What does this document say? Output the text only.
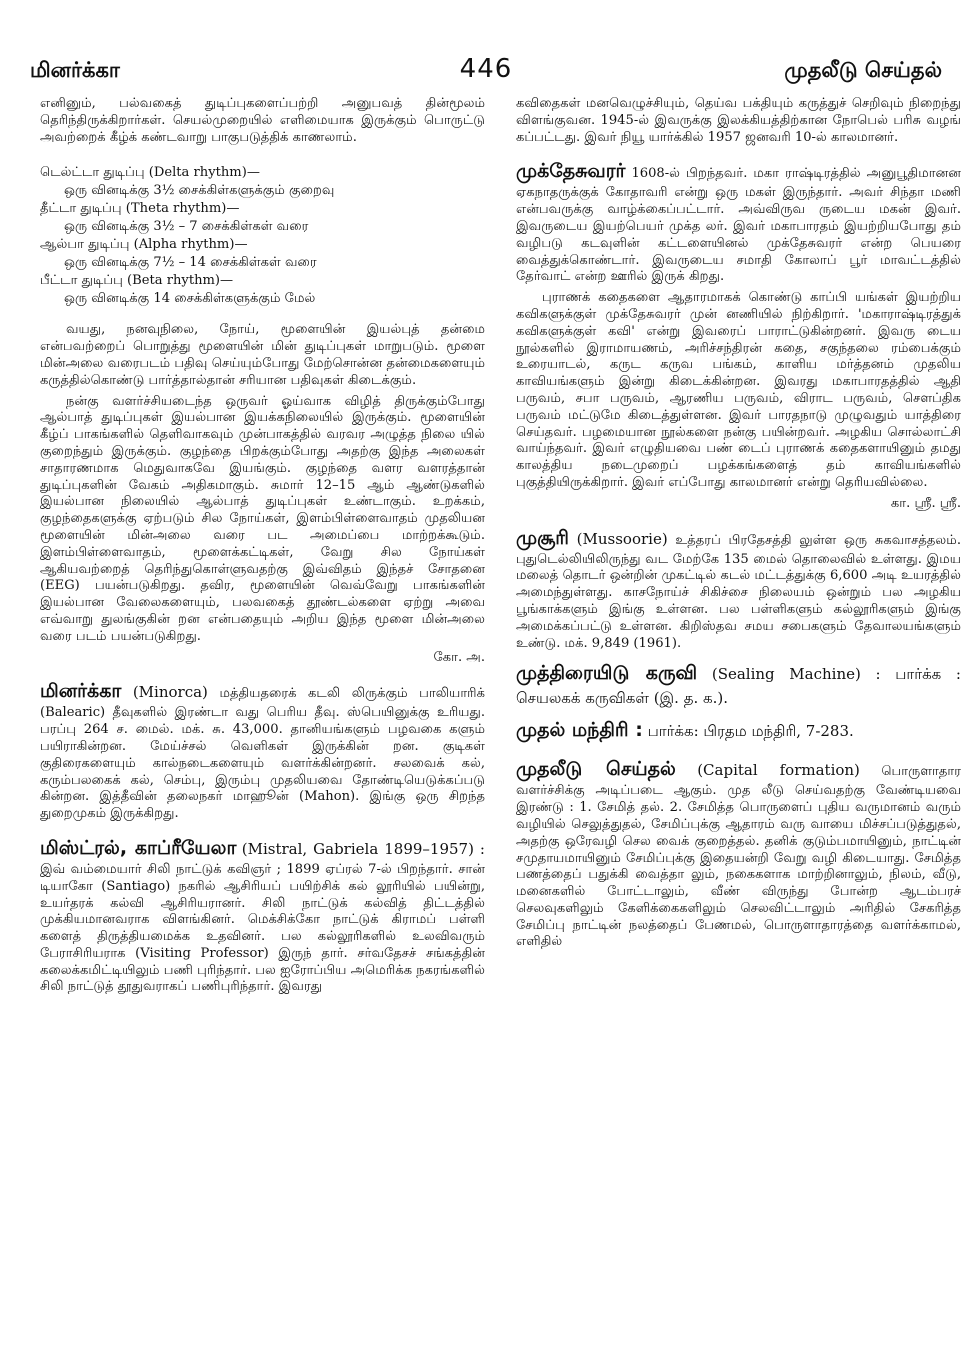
மினர்க்கா	446	முதலீடு செய்தல்

எனினும், பல்வகைத் துடிப்புகளைப்பற்றி அனுபவத் தின்மூலம் தெரிந்திருக்கிறார்கள். செயல்முறையில் எளிமையாக இருக்கும் பொருட்டு அவற்றைக் கீழ்க் கண்டவாறு பாகுபடுத்திக் காணலாம்.

டெல்ட்டா துடிப்பு (Delta rhythm)—
ஒரு வினடிக்கு 3½ சைக்கிள்களுக்கும் குறைவு
தீட்டா துடிப்பு (Theta rhythm)—
ஒரு வினடிக்கு 3½ – 7 சைக்கிள்கள் வரை
ஆல்பா துடிப்பு (Alpha rhythm)—
ஒரு வினடிக்கு 7½ – 14 சைக்கிள்கள் வரை
பீட்டா துடிப்பு (Beta rhythm)—
ஒரு வினடிக்கு 14 சைக்கிள்களுக்கும் மேல்

வயது, நனவுநிலை, நோய், மூளையின் இயல்புத் தன்மை என்பவற்றைப் பொறுத்து மூளையின் மின் துடிப்புகள் மாறுபடும். மூளை மின்அலை வரைபடம் பதிவு செய்யும்போது மேற்சொன்ன தன்மைகளையும் கருத்தில்கொண்டு பார்த்தால்தான் சரியான பதிவுகள் கிடைக்கும்.

நன்கு வளர்ச்சியடைந்த ஒருவர் ஓய்வாக விழித் திருக்கும்போது ஆல்பாத் துடிப்புகள் இயல்பான இயக்கநிலையில் இருக்கும். மூளையின் கீழ்ப் பாகங்களில் தெளிவாகவும் முன்பாகத்தில் வரவர அழுத்த நிலை யில் குறைந்தும் இருக்கும். குழந்தை பிறக்கும்போது அதற்கு இந்த அலைகள் சாதாரணமாக மெதுவாகவே இயங்கும். குழந்தை வளர வளரத்தான் துடிப்புகளின் வேகம் அதிகமாகும். சுமார் 12–15 ஆம் ஆண்டுகளில் இயல்பான நிலையில் ஆல்பாத் துடிப்புகள் உண்டாகும். உறக்கம், குழந்தைகளுக்கு ஏற்படும் சில நோய்கள், இளம்பிள்ளைவாதம் முதலியன மூளையின் மின்அலை வரை பட அமைப்பை மாற்றக்கூடும். இளம்பிள்ளைவாதம், மூளைக்கட்டிகள், வேறு சில நோய்கள் ஆகியவற்றைத் தெரிந்துகொள்ளுவதற்கு இவ்விதம் இந்தச் சோதனை (EEG) பயன்படுகிறது. தவிர, மூளையின் வெவ்வேறு பாகங்களின் இயல்பான வேலைகளையும், பலவகைத் தூண்டல்களை ஏற்று அவை எவ்வாறு துலங்குகின் றன என்பதையும் அறிய இந்த மூளை மின்அலை வரை படம் பயன்படுகிறது.

கோ. அ.

மினர்க்கா (Minorca) மத்தியதரைக் கடலி லிருக்கும் பாலியாரிக் (Balearic) தீவுகளில் இரண்டா வது பெரிய தீவு. ஸ்பெயினுக்கு உரியது. பரப்பு 264 ச. மைல். மக். சு. 43,000. தானியங்களும் பழவகை களும் பயிராகின்றன. மேய்ச்சல் வெளிகள் இருக்கின் றன. குடிகள் குதிரைகளையும் கால்நடைகளையும் வளர்க்கின்றனர். சலவைக் கல், கரும்பலகைக் கல், செம்பு, இரும்பு முதலியவை தோண்டியெடுக்கப்படு கின்றன. இத்தீவின் தலைநகர் மாஹூன் (Mahon). இங்கு ஒரு சிறந்த துறைமுகம் இருக்கிறது.

மிஸ்ட்ரல், காப்ரீயேலா (Mistral, Gabriela 1899–1957) : இவ் வம்மையார் சிலி நாட்டுக் கவிஞர் ; 1899 ஏப்ரல் 7-ல் பிறந்தார். சான் டியாகோ (Santiago) நகரில் ஆசிரியப் பயிற்சிக் கல் லூரியில் பயின்று, உயர்தரக் கல்வி ஆசிரியரானர். சிலி நாட்டுக் கல்வித் திட்டத்தில் முக்கியமானவராக விளங்கினர். மெக்சிக்கோ நாட்டுக் கிராமப் பள்ளி களைத் திருத்தியமைக்க உதவினர். பல கல்லூரிகளில் உலவிவரும் பேராசிரியராக (Visiting Professor) இருந் தார். சர்வதேசச் சங்கத்தின் கலைக்கமிட்டியிலும் பணி புரிந்தார். பல ஐரோப்பிய அமெரிக்க நகரங்களில் சிலி நாட்டுத் தூதுவராகப் பணிபுரிந்தார். இவரது

கவிதைகள் மனவெழுச்சியும், தெய்வ பக்தியும் கருத்துச் செறிவும் நிறைந்து விளங்குவன. 1945-ல் இவருக்கு இலக்கியத்திற்கான நோபெல் பரிசு வழங் கப்பட்டது. இவர் நியூ யார்க்கில் 1957 ஜனவரி 10-ல் காலமானர்.

முக்தேசுவரர் 1608-ல் பிறந்தவர். மகா ராஷ்டிரத்தில் அனுபூதிமானன ஏகநாதருக்குக் கோதாவரி என்று ஒரு மகள் இருந்தார். அவர் சிந்தா மணி என்பவருக்கு வாழ்க்கைப்பட்டார். அவ்விருவ ருடைய மகன் இவர். இவருடைய இயற்பெயர் முக்த லர். இவர் மகாபாரதம் இயற்றியபோது தம் வழிபடு கடவுளின் கட்டளையினல் முக்தேசுவரர் என்ற பெயரை வைத்துக்கொண்டார். இவருடைய சமாதி கோலாப் பூர் மாவட்டத்தில் தேர்வாட் என்ற ஊரில் இருக் கிறது.

புராணக் கதைகளை ஆதாரமாகக் கொண்டு காப்பி யங்கள் இயற்றிய கவிகளுக்குள் முக்தேசுவரர் முன் னணியில் நிற்கிறார். 'மகாராஷ்டிரத்துக் கவிகளுக்குள் கவி' என்று இவரைப் பாராட்டுகின்றனர். இவரு டைய நூல்களில் இராமாயணம், அரிச்சந்திரன் கதை, சகுந்தலை ரம்பைக்கும் உரையாடல், கருட கருவ பங்கம், காளிய மர்த்தனம் முதலிய காவியங்களும் இன்று கிடைக்கின்றன. இவரது மகாபாரதத்தில் ஆதி பருவம், சபா பருவம், ஆரணிய பருவம், விராட பருவம், சௌப்திக பருவம் மட்டுமே கிடைத்துள்ளன. இவர் பாரதநாடு முழுவதும் யாத்திரை செய்தவர். பழமையான நூல்களை நன்கு பயின்றவர். அழகிய சொல்லாட்சி வாய்ந்தவர். இவர் எழுதியவை பண் டைப் புராணக் கதைகளாயினும் தமது காலத்திய நடைமுறைப் பழக்கங்களைத் தம் காவியங்களில் புகுத்தியிருக்கிறார். இவர் எப்போது காலமானர் என்று தெரியவில்லை.

கா. ஸ்ரீ. ஸ்ரீ.

முசூரி (Mussoorie) உத்தரப் பிரதேசத்தி லுள்ள ஒரு சுகவாசத்தலம். புதுடெல்லியிலிருந்து வட மேற்கே 135 மைல் தொலைவில் உள்ளது. இமய மலைத் தொடர் ஒன்றின் முகட்டில் கடல் மட்டத்துக்கு 6,600 அடி உயரத்தில் அமைந்துள்ளது. காசநோய்ச் சிகிச்சை நிலையம் ஒன்றும் பல அழகிய பூங்காக்களும் இங்கு உள்ளன. பல பள்ளிகளும் கல்லூரிகளும் இங்கு அமைக்கப்பட்டு உள்ளன. கிறிஸ்தவ சமய சபைகளும் தேவாலயங்களும் உண்டு. மக். 9,849 (1961).

முத்திரையிடு கருவி (Sealing Machine) : பார்க்க : செயலகக் கருவிகள் (இ. த. க.).
முதல் மந்திரி : பார்க்க: பிரதம மந்திரி, 7-283.

முதலீடு செய்தல் (Capital formation) பொருளாதார வளர்ச்சிக்கு அடிப்படை ஆகும். முத லீடு செய்வதற்கு வேண்டியவை இரண்டு : 1. சேமித் தல். 2. சேமித்த பொருளைப் புதிய வருமானம் வரும் வழியில் செலுத்துதல், சேமிப்புக்கு ஆதாரம் வரு வாயை மிச்சப்படுத்துதல், அதற்கு ஒரேவழி செல வைக் குறைத்தல். தனிக் குடும்பமாயினும், நாட்டின் சமுதாயமாயினும் சேமிப்புக்கு இதையன்றி வேறு வழி கிடையாது. சேமித்த பணத்தைப் பதுக்கி வைத்தா லும், நகைகளாக மாற்றினாலும், நிலம், வீடு, மனைகளில் போட்டாலும், வீண் விருந்து போன்ற ஆடம்பரச் செலவுகளிலும் கேளிக்கைகளிலும் செலவிட்டாலும் அரிதில் சேகரித்த சேமிப்பு நாட்டின் நலத்தைப் பேணமல், பொருளாதாரத்தை வளர்க்காமல், எளிதில்
